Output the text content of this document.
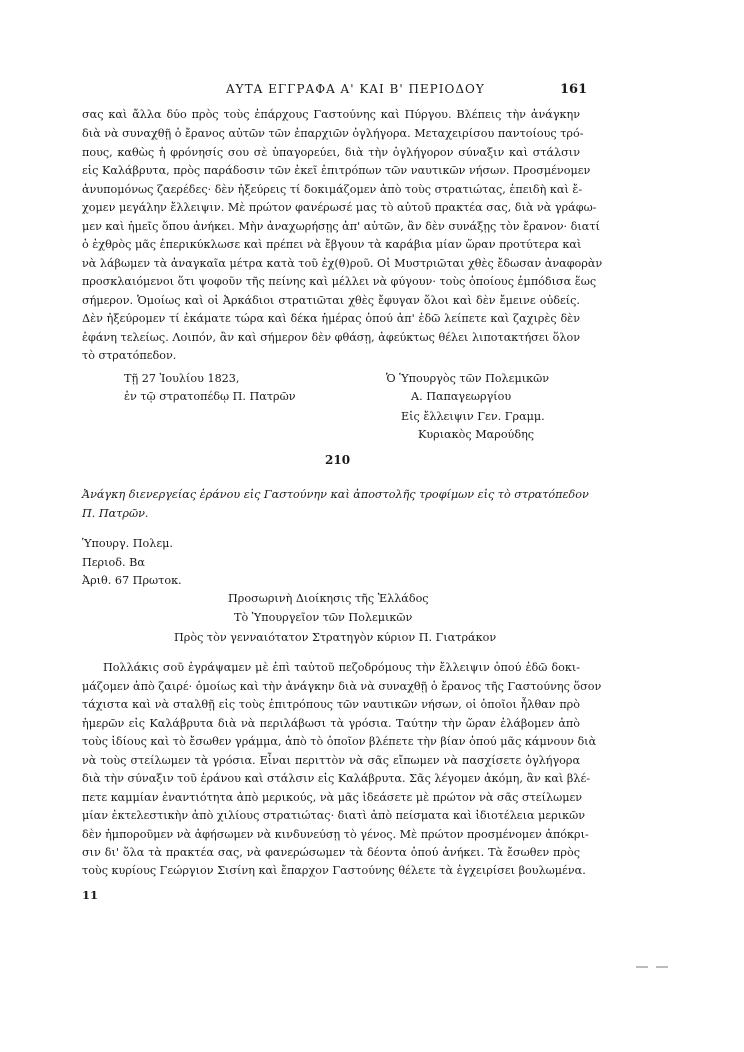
ΑΥΤΑ ΕΓΓΡΑΦΑ Α' ΚΑΙ Β' ΠΕΡΙΟΔΟΥ	161
σας καὶ ἄλλα δύο πρὸς τοὺς ἐπάρχους Γαστούνης καὶ Πύργου. Βλέπεις τὴν ἀνάγκην
διὰ νὰ συναχθῇ ὁ ἔρανος αὐτῶν τῶν ἐπαρχιῶν ὀγλήγορα. Μεταχειρίσου παντοίους τρό-
πους, καθὼς ἡ φρόνησίς σου σὲ ὑπαγορεύει, διὰ τὴν ὀγλήγορον σύναξιν καὶ στάλσιν
εἰς Καλάβρυτα, πρὸς παράδοσιν τῶν ἐκεῖ ἐπιτρόπων τῶν ναυτικῶν νήσων. Προσμένομεν
ἀνυπομόνως ζαερέδες· δὲν ἠξεύρεις τί δοκιμάζομεν ἀπὸ τοὺς στρατιώτας, ἐπειδὴ καὶ ἔ-
χομεν μεγάλην ἔλλειψιν. Μὲ πρώτον φανέρωσέ μας τὸ αὐτοῦ πρακτέα σας, διὰ νὰ γράφω-
μεν καὶ ἡμεῖς ὅπου ἀνήκει. Μὴν ἀναχωρήσῃς ἀπ' αὐτῶν, ἂν δὲν συνάξῃς τὸν ἔρανον· διατί
ὁ ἐχθρὸς μᾶς ἐπερικύκλωσε καὶ πρέπει νὰ ἔβγουν τὰ καράβια μίαν ὥραν προτύτερα καὶ
νὰ λάβωμεν τὰ ἀναγκαῖα μέτρα κατὰ τοῦ ἐχ(θ)ροῦ. Οἱ Μυστριῶται χθὲς ἔδωσαν ἀναφορὰν
προσκλαιόμενοι ὅτι ψοφοῦν τῆς πείνης καὶ μέλλει νὰ φύγουν· τοὺς ὁποίους ἐμπόδισα ἕως
σήμερον. Ὁμοίως καὶ οἱ Ἀρκάδιοι στρατιῶται χθὲς ἔφυγαν ὅλοι καὶ δὲν ἔμεινε οὐδείς.
Δὲν ἠξεύρομεν τί ἐκάματε τώρα καὶ δέκα ἡμέρας ὁπού ἀπ' ἐδῶ λείπετε καὶ ζαχιρὲς δὲν
ἐφάνη τελείως. Λοιπόν, ἂν καὶ σήμερον δὲν φθάσῃ, ἀφεύκτως θέλει λιποτακτήσει ὅλον
τὸ στρατόπεδον.
Τῇ 27 Ἰουλίου 1823,
ἐν τῷ στρατοπέδῳ Π. Πατρῶν
Ὁ Ὑπουργὸς τῶν Πολεμικῶν
Α. Παπαγεωργίου
Εἰς ἔλλειψιν Γεν. Γραμμ.
Κυριακὸς Μαρούδης
210
Ἀνάγκη διενεργείας ἐράνου εἰς Γαστούνην καὶ ἀποστολῆς τροφίμων εἰς τὸ στρατόπεδον
Π. Πατρῶν.
Ὑπουργ. Πολεμ.
Περιοδ. Βα
Ἀριθ. 67 Πρωτοκ.
Προσωρινὴ Διοίκησις τῆς Ἑλλάδος
Τὸ Ὑπουργεῖον τῶν Πολεμικῶν
Πρὸς τὸν γενναιότατον Στρατηγὸν κύριον Π. Γιατράκον
Πολλάκις σοῦ ἐγράψαμεν μὲ ἐπὶ ταὐτοῦ πεζοδρόμους τὴν ἔλλειψιν ὁπού ἐδῶ δοκι-
μάζομεν ἀπὸ ζαιρέ· ὁμοίως καὶ τὴν ἀνάγκην διὰ νὰ συναχθῇ ὁ ἔρανος τῆς Γαστούνης ὅσον
τάχιστα καὶ νὰ σταλθῇ εἰς τοὺς ἐπιτρόπους τῶν ναυτικῶν νήσων, οἱ ὁποῖοι ἦλθαν πρὸ
ἡμερῶν εἰς Καλάβρυτα διὰ νὰ περιλάβωσι τὰ γρόσια. Ταύτην τὴν ὥραν ἐλάβομεν ἀπὸ
τοὺς ἰδίους καὶ τὸ ἔσωθεν γράμμα, ἀπὸ τὸ ὁποῖον βλέπετε τὴν βίαν ὁπού μᾶς κάμνουν διὰ
νὰ τοὺς στείλωμεν τὰ γρόσια. Εἶναι περιττὸν νὰ σᾶς εἴπωμεν νὰ πασχίσετε ὀγλήγορα
διὰ τὴν σύναξιν τοῦ ἐράνου καὶ στάλσιν εἰς Καλάβρυτα. Σᾶς λέγομεν ἀκόμη, ἂν καὶ βλέ-
πετε καμμίαν ἐναντιότητα ἀπὸ μερικούς, νὰ μᾶς ἰδεάσετε μὲ πρώτον νὰ σᾶς στείλωμεν
μίαν ἐκτελεστικὴν ἀπὸ χιλίους στρατιώτας· διατὶ ἀπὸ πείσματα καὶ ἰδιοτέλεια μερικῶν
δὲν ἠμποροῦμεν νὰ ἀφήσωμεν νὰ κινδυνεύσῃ τὸ γένος. Μὲ πρώτον προσμένομεν ἀπόκρι-
σιν δι' ὅλα τὰ πρακτέα σας, νὰ φανερώσωμεν τὰ δέοντα ὁπού ἀνήκει. Τὰ ἔσωθεν πρὸς
τοὺς κυρίους Γεώργιον Σισίνη καὶ ἔπαρχον Γαστούνης θέλετε τὰ ἐγχειρίσει βουλωμένα.
11
